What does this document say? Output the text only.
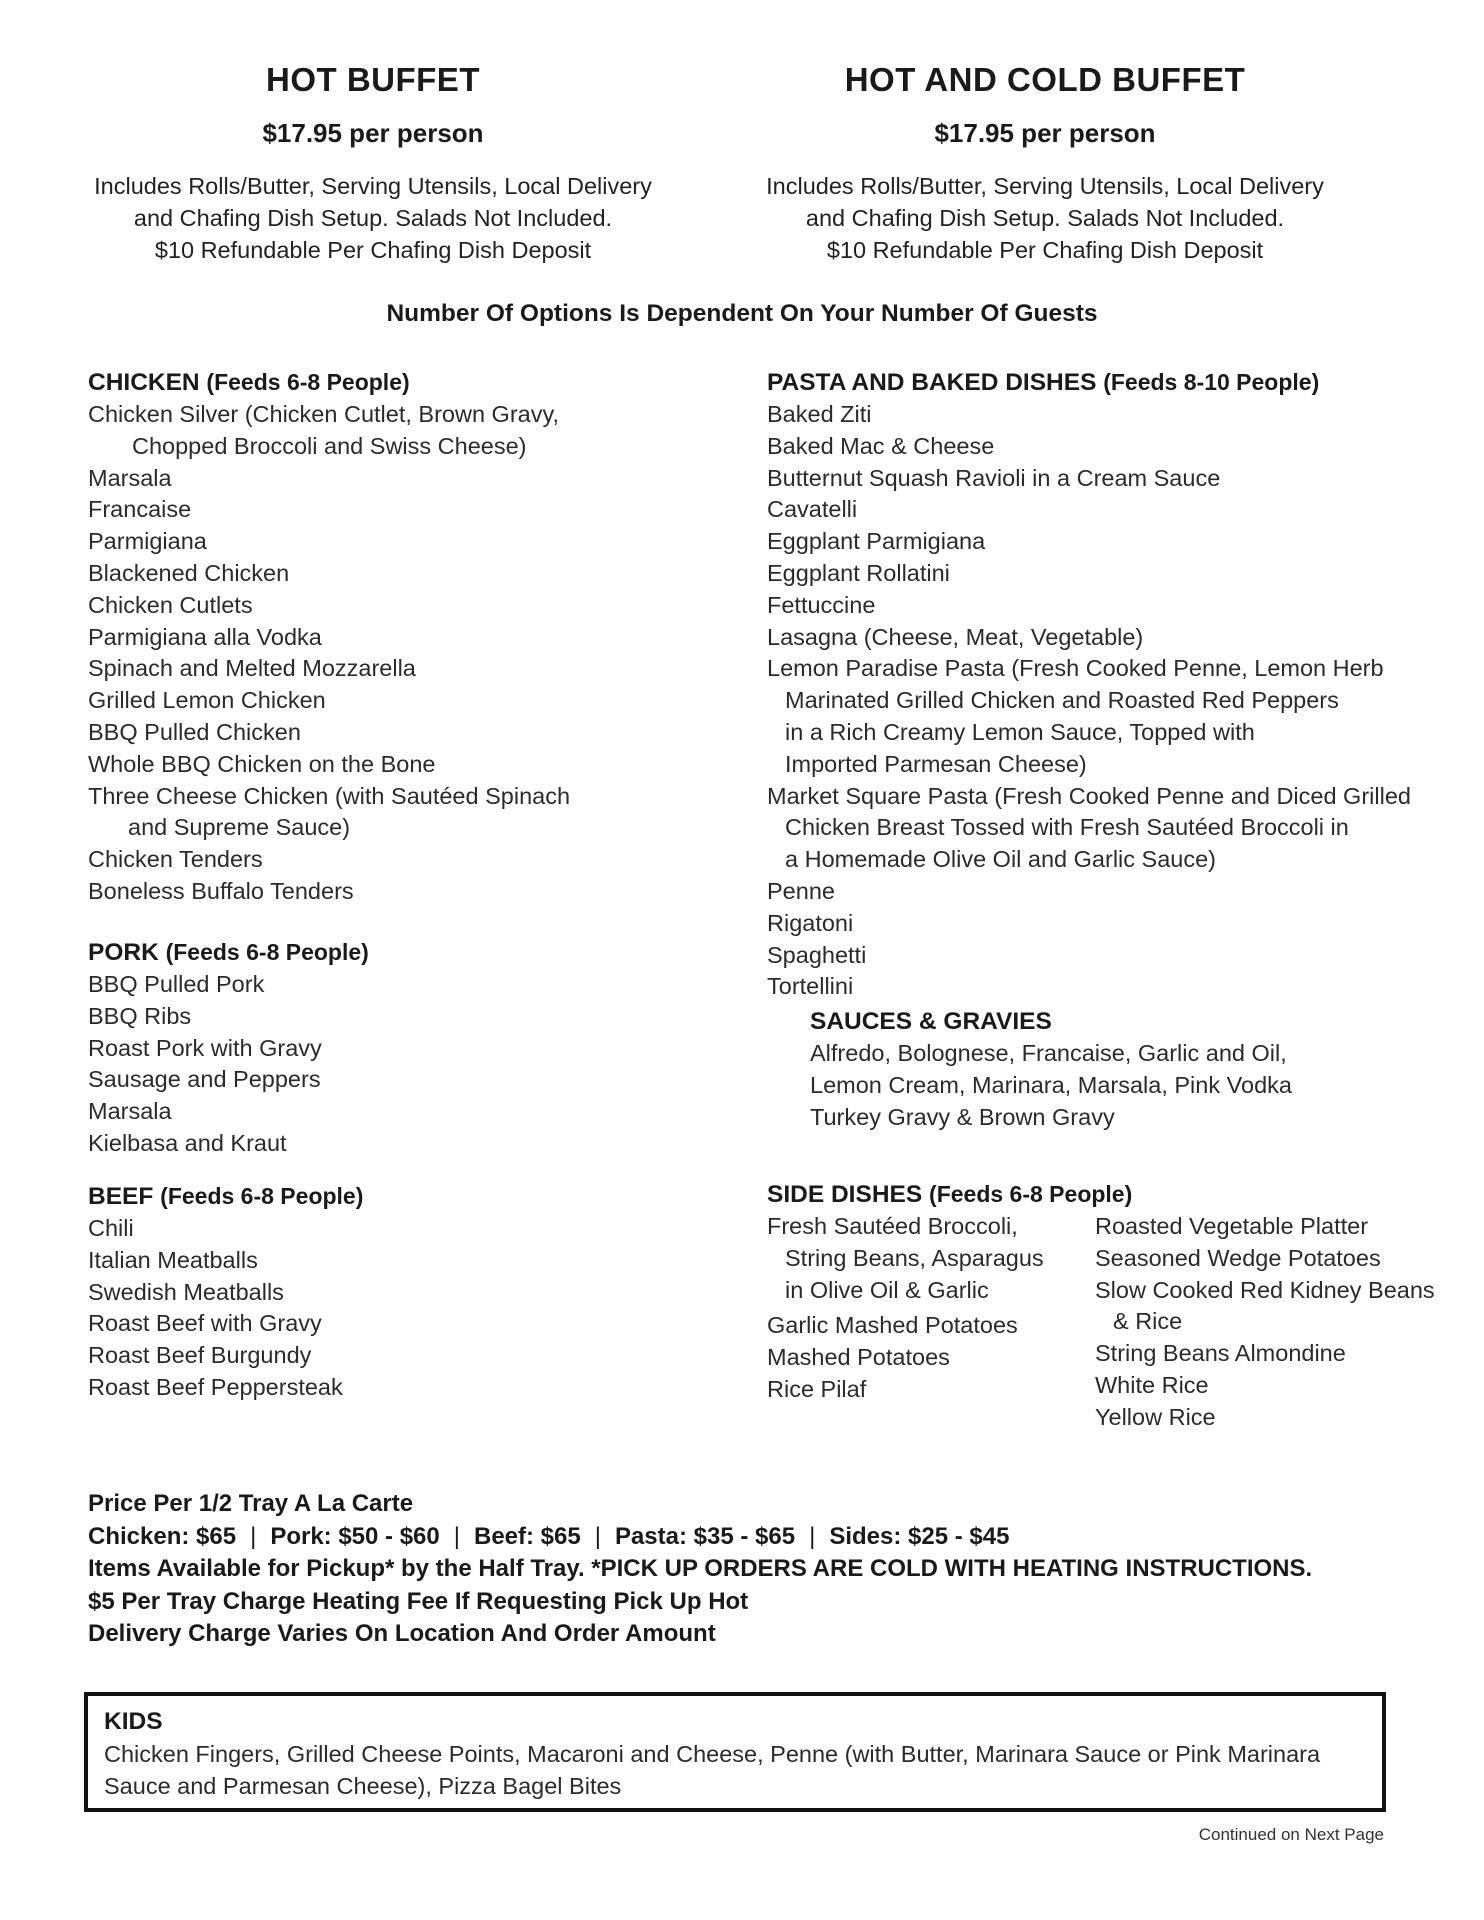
HOT BUFFET
$17.95 per person
Includes Rolls/Butter, Serving Utensils, Local Delivery
and Chafing Dish Setup. Salads Not Included.
$10 Refundable Per Chafing Dish Deposit
HOT AND COLD BUFFET
$17.95 per person
Includes Rolls/Butter, Serving Utensils, Local Delivery
and Chafing Dish Setup. Salads Not Included.
$10 Refundable Per Chafing Dish Deposit
Number Of Options Is Dependent On Your Number Of Guests
CHICKEN (Feeds 6-8 People)
Chicken Silver (Chicken Cutlet, Brown Gravy,
Chopped Broccoli and Swiss Cheese)
Marsala
Francaise
Parmigiana
Blackened Chicken
Chicken Cutlets
Parmigiana alla Vodka
Spinach and Melted Mozzarella
Grilled Lemon Chicken
BBQ Pulled Chicken
Whole BBQ Chicken on the Bone
Three Cheese Chicken (with Sautéed Spinach
and Supreme Sauce)
Chicken Tenders
Boneless Buffalo Tenders
PORK (Feeds 6-8 People)
BBQ Pulled Pork
BBQ Ribs
Roast Pork with Gravy
Sausage and Peppers
Marsala
Kielbasa and Kraut
BEEF (Feeds 6-8 People)
Chili
Italian Meatballs
Swedish Meatballs
Roast Beef with Gravy
Roast Beef Burgundy
Roast Beef Peppersteak
PASTA AND BAKED DISHES (Feeds 8-10 People)
Baked Ziti
Baked Mac & Cheese
Butternut Squash Ravioli in a Cream Sauce
Cavatelli
Eggplant Parmigiana
Eggplant Rollatini
Fettuccine
Lasagna (Cheese, Meat, Vegetable)
Lemon Paradise Pasta (Fresh Cooked Penne, Lemon Herb
Marinated Grilled Chicken and Roasted Red Peppers
in a Rich Creamy Lemon Sauce, Topped with
Imported Parmesan Cheese)
Market Square Pasta (Fresh Cooked Penne and Diced Grilled
Chicken Breast Tossed with Fresh Sautéed Broccoli in
a Homemade Olive Oil and Garlic Sauce)
Penne
Rigatoni
Spaghetti
Tortellini
SAUCES & GRAVIES
Alfredo, Bolognese, Francaise, Garlic and Oil,
Lemon Cream, Marinara, Marsala, Pink Vodka
Turkey Gravy & Brown Gravy
SIDE DISHES (Feeds 6-8 People)
Fresh Sautéed Broccoli,
String Beans, Asparagus
in Olive Oil & Garlic
Garlic Mashed Potatoes
Mashed Potatoes
Rice Pilaf
Roasted Vegetable Platter
Seasoned Wedge Potatoes
Slow Cooked Red Kidney Beans
& Rice
String Beans Almondine
White Rice
Yellow Rice
Price Per 1/2 Tray A La Carte
Chicken: $65 | Pork: $50 - $60 | Beef: $65 | Pasta: $35 - $65 | Sides: $25 - $45
Items Available for Pickup* by the Half Tray. *PICK UP ORDERS ARE COLD WITH HEATING INSTRUCTIONS.
$5 Per Tray Charge Heating Fee If Requesting Pick Up Hot
Delivery Charge Varies On Location And Order Amount
KIDS
Chicken Fingers, Grilled Cheese Points, Macaroni and Cheese, Penne (with Butter, Marinara Sauce or Pink Marinara
Sauce and Parmesan Cheese), Pizza Bagel Bites
Continued on Next Page
